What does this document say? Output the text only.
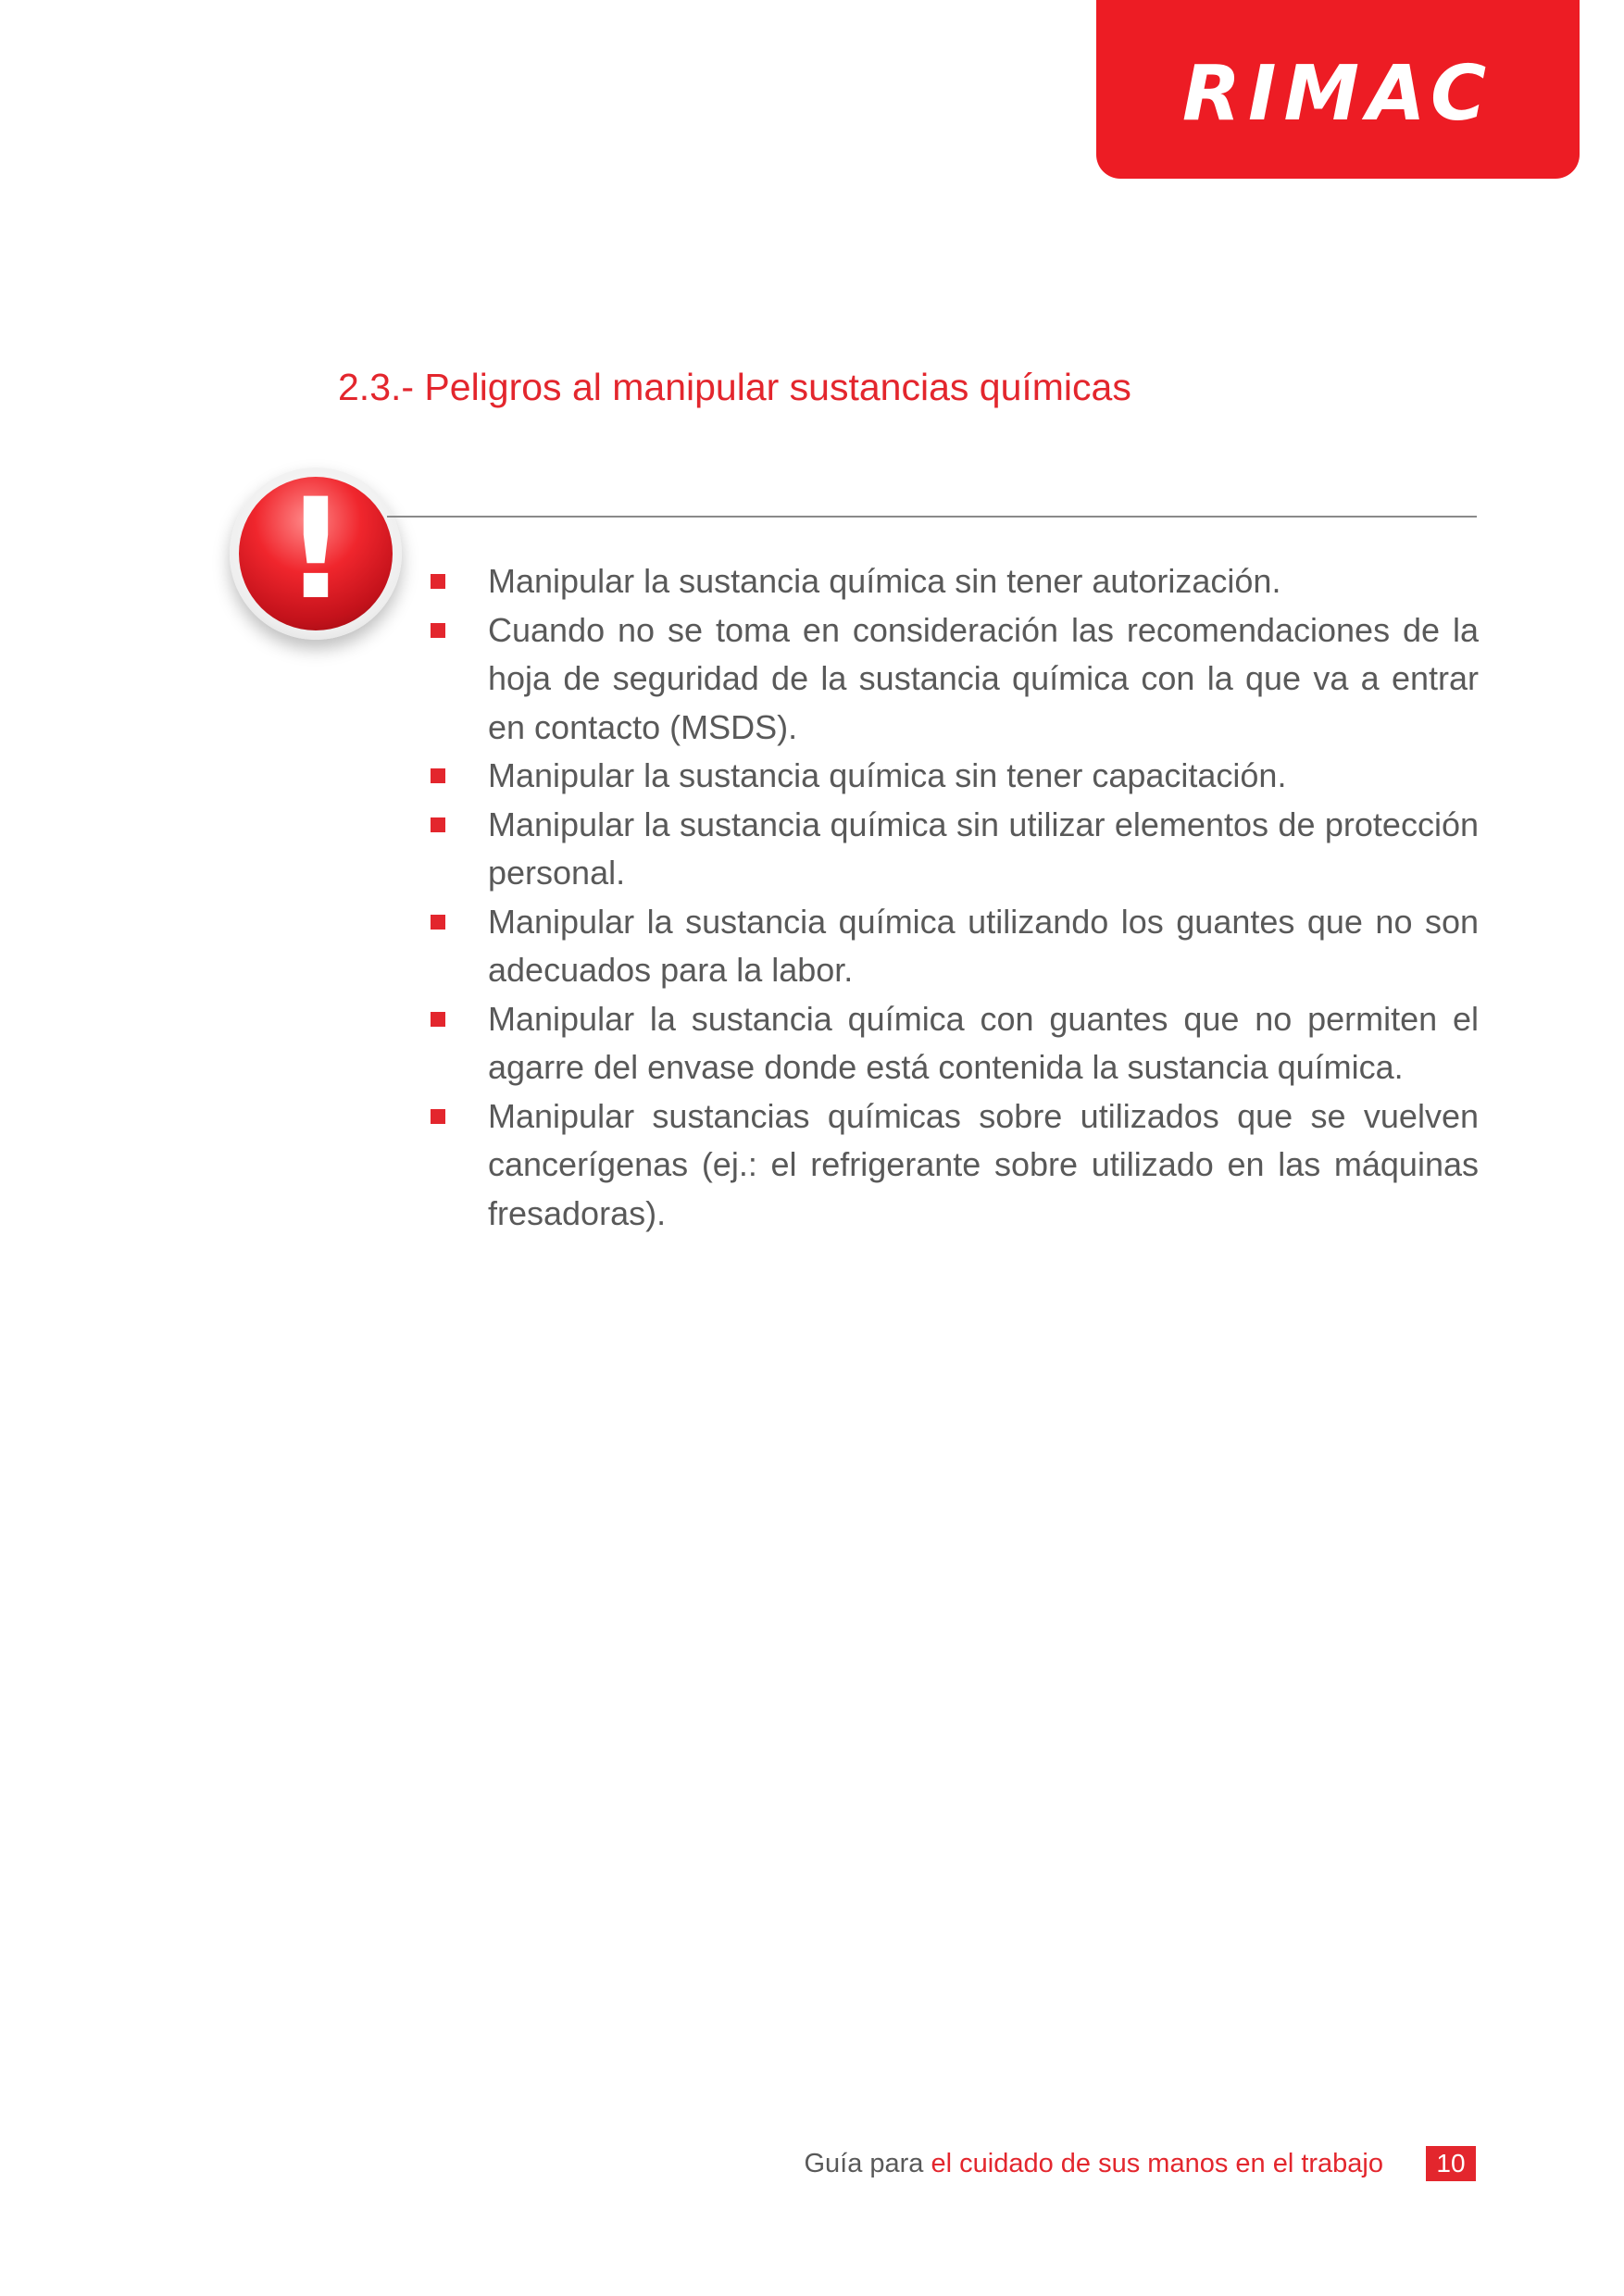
RIMAC
2.3.- Peligros al manipular sustancias químicas
!	Manipular la sustancia química sin tener autorización.
Cuando no se toma en consideración las recomendaciones de la hoja de seguridad de la sustancia química con la que va a entrar en contacto (MSDS).
Manipular la sustancia química sin tener capacitación.
Manipular la sustancia química sin utilizar elementos de protección personal.
Manipular la sustancia química utilizando los guantes que no son adecuados para la labor.
Manipular la sustancia química con guantes que no permiten el agarre del envase donde está contenida la sustancia química.
Manipular sustancias químicas sobre utilizados que se vuelven cancerígenas (ej.: el refrigerante sobre utilizado en las máquinas fresadoras).
Guía para
el cuidado de sus manos en el trabajo	10
